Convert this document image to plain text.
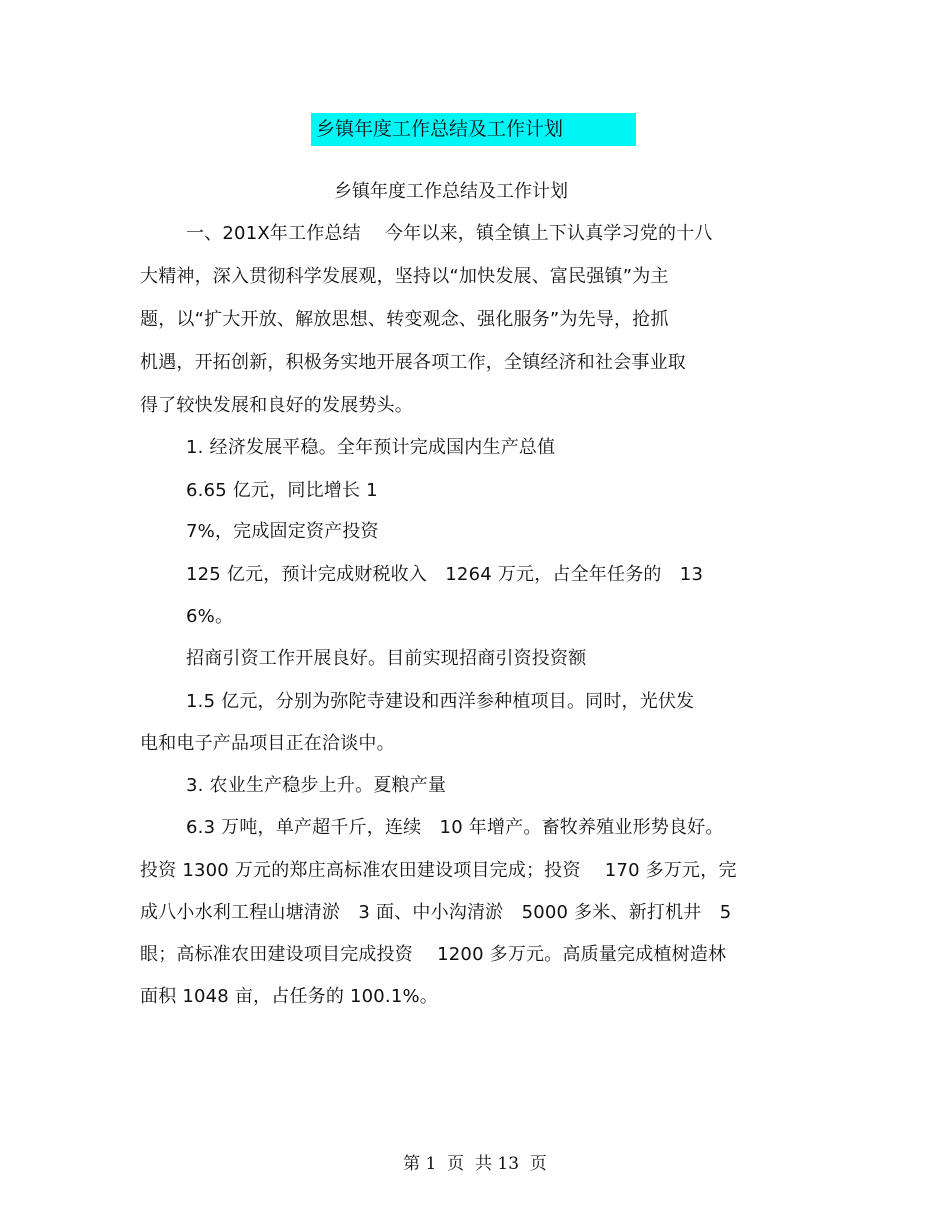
乡镇年度工作总结及工作计划
乡镇年度工作总结及工作计划
一、201X年工作总结　 今年以来，镇全镇上下认真学习党的十八
大精神，深入贯彻科学发展观，坚持以“加快发展、富民强镇”为主
题，以“扩大开放、解放思想、转变观念、强化服务”为先导，抢抓
机遇，开拓创新，积极务实地开展各项工作，全镇经济和社会事业取
得了较快发展和良好的发展势头。
1. 经济发展平稳。全年预计完成国内生产总值
6.65 亿元，同比增长 1
7%，完成固定资产投资
125 亿元，预计完成财税收入　1264 万元，占全年任务的　13
6%。
招商引资工作开展良好。目前实现招商引资投资额
1.5 亿元，分别为弥陀寺建设和西洋参种植项目。同时，光伏发
电和电子产品项目正在洽谈中。
3. 农业生产稳步上升。夏粮产量
6.3 万吨，单产超千斤，连续　10 年增产。畜牧养殖业形势良好。
投资 1300 万元的郑庄高标准农田建设项目完成；投资　 170 多万元，完
成八小水利工程山塘清淤　3 面、中小沟清淤　5000 多米、新打机井　5
眼；高标准农田建设项目完成投资　 1200 多万元。高质量完成植树造林
面积 1048 亩，占任务的 100.1%。
第 1  页  共 13  页
